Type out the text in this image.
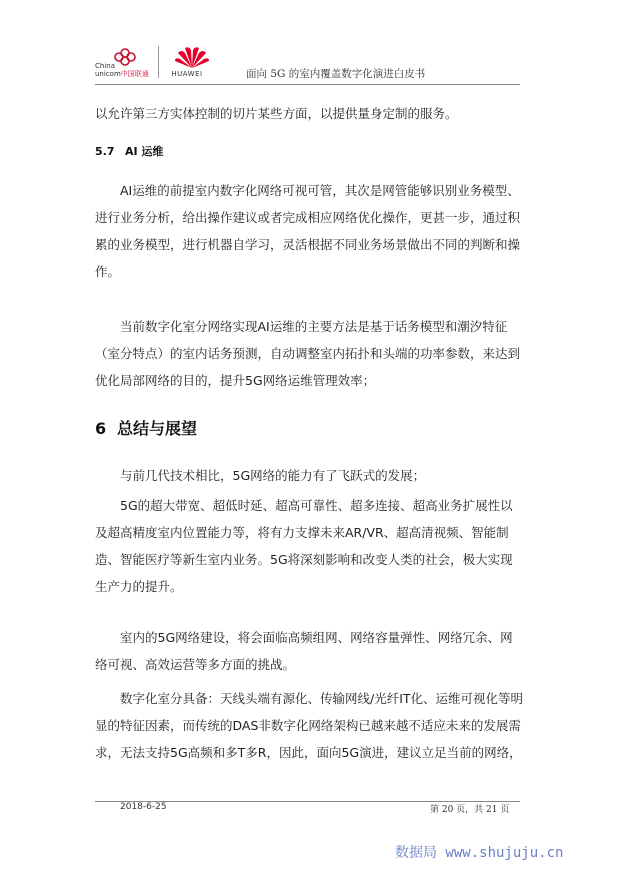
China
unicom中国联通	HUAWEI	面向 5G 的室内覆盖数字化演进白皮书

以允许第三方实体控制的切片某些方面，以提供量身定制的服务。

5.7 AI 运维

AI运维的前提室内数字化网络可视可管，其次是网管能够识别业务模型、进行业务分析，给出操作建议或者完成相应网络优化操作，更甚一步，通过积累的业务模型，进行机器自学习，灵活根据不同业务场景做出不同的判断和操作。

当前数字化室分网络实现AI运维的主要方法是基于话务模型和潮汐特征（室分特点）的室内话务预测，自动调整室内拓扑和头端的功率参数，来达到优化局部网络的目的，提升5G网络运维管理效率；

6 总结与展望

与前几代技术相比，5G网络的能力有了飞跃式的发展；

5G的超大带宽、超低时延、超高可靠性、超多连接、超高业务扩展性以及超高精度室内位置能力等，将有力支撑未来AR/VR、超高清视频、智能制造、智能医疗等新生室内业务。5G将深刻影响和改变人类的社会，极大实现生产力的提升。

室内的5G网络建设，将会面临高频组网、网络容量弹性、网络冗余、网络可视、高效运营等多方面的挑战。

数字化室分具备：天线头端有源化、传输网线/光纤IT化、运维可视化等明显的特征因素，而传统的DAS非数字化网络架构已越来越不适应未来的发展需求，无法支持5G高频和多T多R，因此，面向5G演进，建议立足当前的网络，

2018-6-25	第 20 页，共 21 页
数据局 www.shujuju.cn
